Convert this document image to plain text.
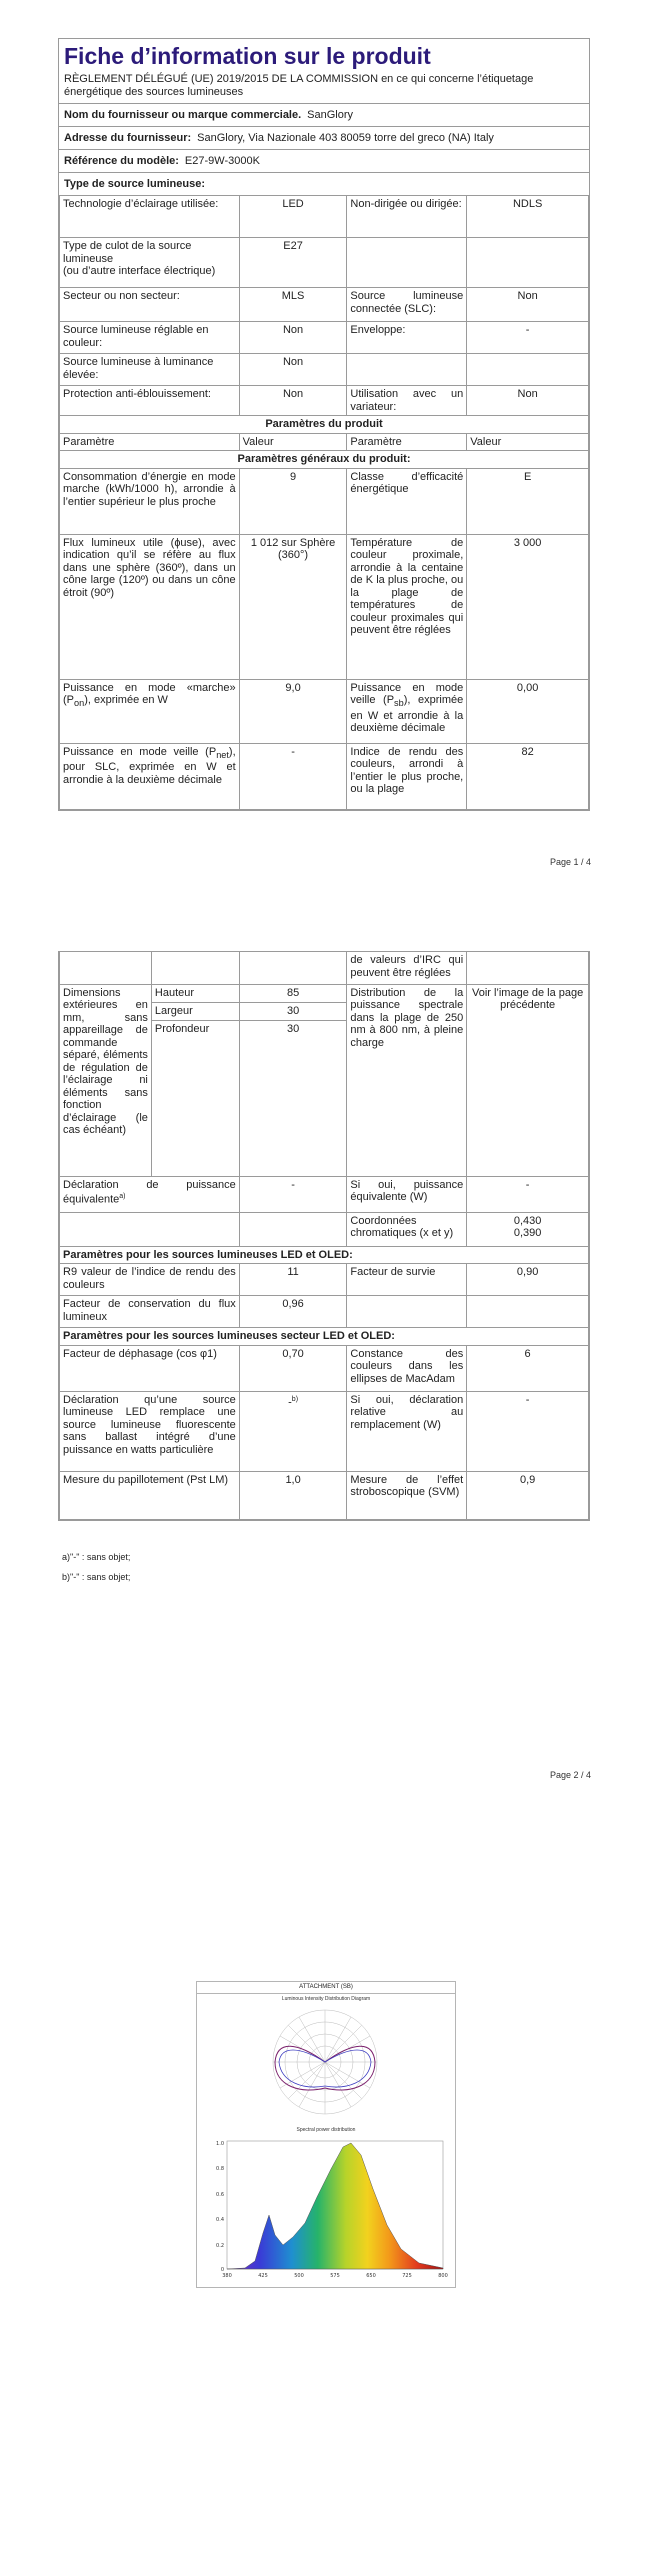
Fiche d’information sur le produit
RÈGLEMENT DÉLÉGUÉ (UE) 2019/2015 DE LA COMMISSION en ce qui concerne l’étiquetage énergétique des sources lumineuses
Nom du fournisseur ou marque commerciale. SanGlory
Adresse du fournisseur: SanGlory, Via Nazionale 403 80059 torre del greco (NA) Italy
Référence du modèle: E27-9W-3000K
Type de source lumineuse:
Technologie d’éclairage utilisée:	LED	Non-dirigée ou dirigée:	NDLS
Type de culot de la source lumineuse
(ou d’autre interface électrique)	E27		
Secteur ou non secteur:	MLS	Source lumineuse connectée (SLC):	Non
Source lumineuse réglable en couleur:	Non	Enveloppe:	-
Source lumineuse à luminance élevée:	Non		
Protection anti-éblouissement:	Non	Utilisation avec un variateur:	Non
Paramètres du produit			
Paramètre	Valeur	Paramètre	Valeur
Paramètres généraux du produit:			
Consommation d’énergie en mode marche (kWh/1000 h), arrondie à l’entier supérieur le plus proche	9	Classe d’efficacité énergétique	E
Flux lumineux utile (ɸuse), avec indication qu’il se réfère au flux dans une sphère (360º), dans un cône large (120º) ou dans un cône étroit (90º)	1 012 sur Sphère (360°)	Température de couleur proximale, arrondie à la centaine de K la plus proche, ou la plage de températures de couleur proximales qui peuvent être réglées	3 000
Puissance en mode «marche» $(P_{on})$, exprimée en W	9,0	Puissance en mode veille $(P_{sb})$, exprimée en W et arrondie à la deuxième décimale	0,00
Puissance en mode veille $(P_{net})$, pour SLC, exprimée en W et arrondie à la deuxième décimale	-	Indice de rendu des couleurs, arrondi à l’entier le plus proche, ou la plage	82
Page 1 / 4
			de valeurs d’IRC qui peuvent être réglées	
Dimensions extérieures en mm, sans appareillage de commande séparé, éléments de régulation de l’éclairage ni éléments sans fonction d’éclairage (le cas échéant)	Hauteur	85	Distribution de la puissance spectrale dans la plage de 250 nm à 800 nm, à pleine charge	Voir l’image de la page précédente
	Largeur	30		
	Profondeur	30		
Déclaration de puissance équivalente$^{a)}$		-	Si oui, puissance équivalente (W)	-
			Coordonnées chromatiques (x et y)	0,430
0,390
Paramètres pour les sources lumineuses LED et OLED:				
R9 valeur de l’indice de rendu des couleurs		11	Facteur de survie	0,90
Facteur de conservation du flux lumineux		0,96		
Paramètres pour les sources lumineuses secteur LED et OLED:				
Facteur de déphasage (cos φ1)		0,70	Constance des couleurs dans les ellipses de MacAdam	6
Déclaration qu’une source lumineuse LED remplace une source lumineuse fluorescente sans ballast intégré d’une puissance en watts particulière		-$^{b)}$	Si oui, déclaration relative au remplacement (W)	-
Mesure du papillotement (Pst LM)		1,0	Mesure de l’effet stroboscopique (SVM)	0,9
a)"-" : sans objet;
b)"-" : sans objet;
Page 2 / 4
ATTACHMENT (SB)
Luminous Intensity Distribution Diagram
Spectral power distribution
1.0
0.8
0.6
0.4
0.2
0
380	425	500	575	650	725	800
